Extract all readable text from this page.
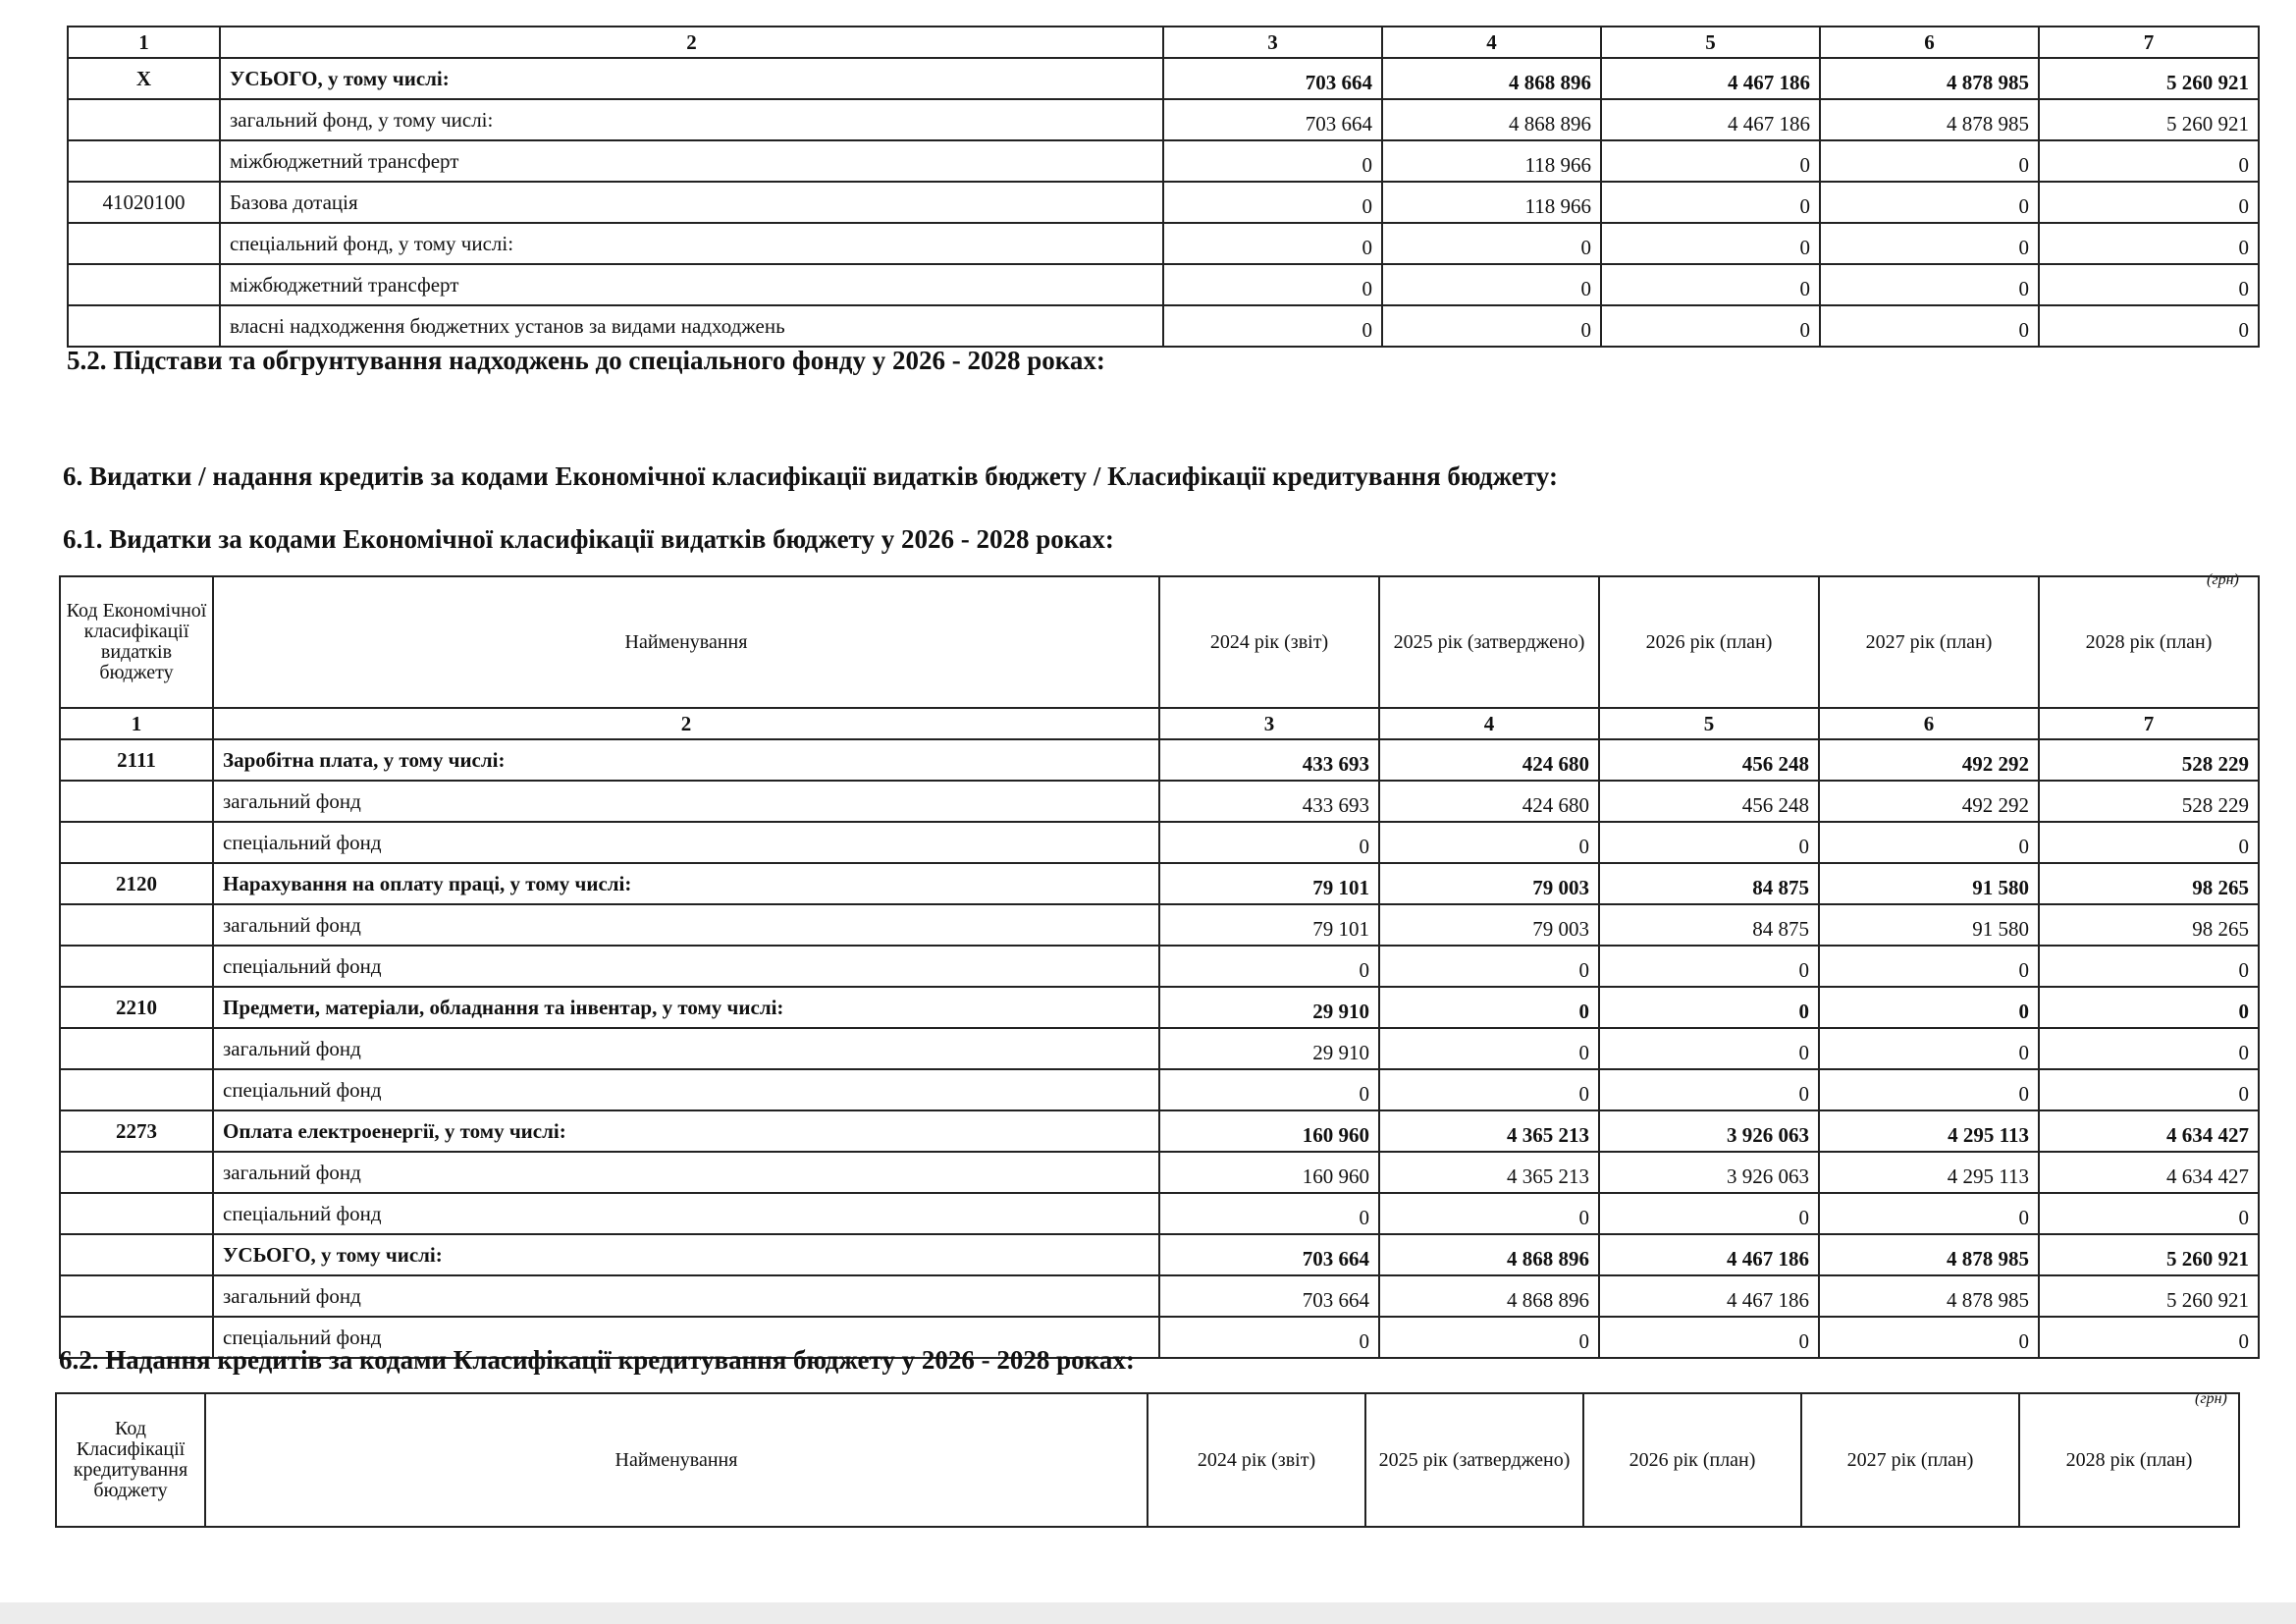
1	2	3	4	5	6	7
X	УСЬОГО, у тому числі:	703 664	4 868 896	4 467 186	4 878 985	5 260 921
	загальний фонд, у тому числі:	703 664	4 868 896	4 467 186	4 878 985	5 260 921
	міжбюджетний трансферт	0	118 966	0	0	0
41020100	Базова дотація	0	118 966	0	0	0
	спеціальний фонд, у тому числі:	0	0	0	0	0
	міжбюджетний трансферт	0	0	0	0	0
	власні надходження бюджетних установ за видами надходжень	0	0	0	0	0
5.2. Підстави та обгрунтування надходжень до спеціального фонду у 2026 - 2028 роках:
6. Видатки / надання кредитів за кодами Економічної класифікації видатків бюджету / Класифікації кредитування бюджету:
6.1. Видатки за кодами Економічної класифікації видатків бюджету у 2026 - 2028 роках:
(грн)
Код Економічної класифікації видатків бюджету	Найменування	2024 рік (звіт)	2025 рік (затверджено)	2026 рік (план)	2027 рік (план)	2028 рік (план)
1	2	3	4	5	6	7
2111	Заробітна плата, у тому числі:	433 693	424 680	456 248	492 292	528 229
	загальний фонд	433 693	424 680	456 248	492 292	528 229
	спеціальний фонд	0	0	0	0	0
2120	Нарахування на оплату праці, у тому числі:	79 101	79 003	84 875	91 580	98 265
	загальний фонд	79 101	79 003	84 875	91 580	98 265
	спеціальний фонд	0	0	0	0	0
2210	Предмети, матеріали, обладнання та інвентар, у тому числі:	29 910	0	0	0	0
	загальний фонд	29 910	0	0	0	0
	спеціальний фонд	0	0	0	0	0
2273	Оплата електроенергії, у тому числі:	160 960	4 365 213	3 926 063	4 295 113	4 634 427
	загальний фонд	160 960	4 365 213	3 926 063	4 295 113	4 634 427
	спеціальний фонд	0	0	0	0	0
	УСЬОГО, у тому числі:	703 664	4 868 896	4 467 186	4 878 985	5 260 921
	загальний фонд	703 664	4 868 896	4 467 186	4 878 985	5 260 921
	спеціальний фонд	0	0	0	0	0
6.2. Надання кредитів за кодами Класифікації кредитування бюджету у 2026 - 2028 роках:
(грн)
Код Класифікації кредитування бюджету	Найменування	2024 рік (звіт)	2025 рік (затверджено)	2026 рік (план)	2027 рік (план)	2028 рік (план)
